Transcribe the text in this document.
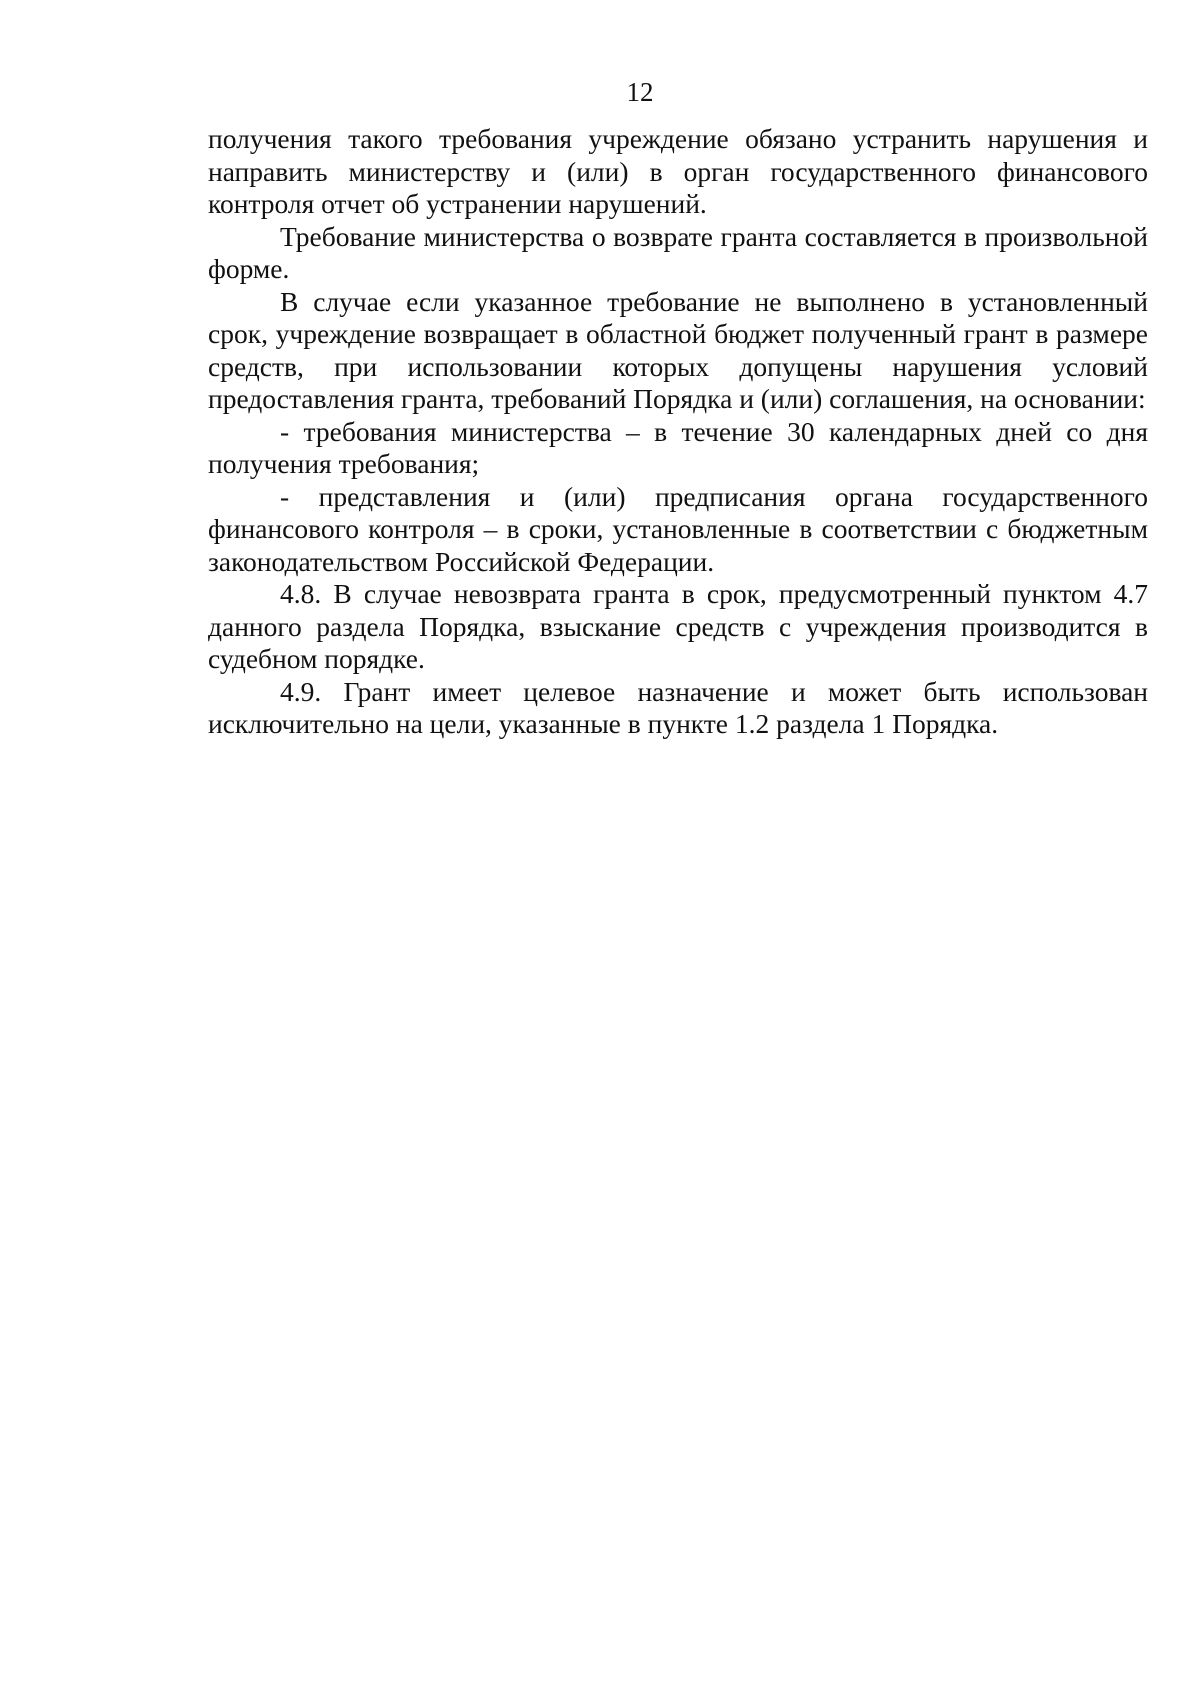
12

получения такого требования учреждение обязано устранить нарушения и направить министерству и (или) в орган государственного финансового контроля отчет об устранении нарушений.

Требование министерства о возврате гранта составляется в произвольной форме.

В случае если указанное требование не выполнено в установленный срок, учреждение возвращает в областной бюджет полученный грант в размере средств, при использовании которых допущены нарушения условий предоставления гранта, требований Порядка и (или) соглашения, на основании:

- требования министерства – в течение 30 календарных дней со дня получения требования;

- представления и (или) предписания органа государственного финансового контроля – в сроки, установленные в соответствии с бюджетным законодательством Российской Федерации.

4.8. В случае невозврата гранта в срок, предусмотренный пунктом 4.7 данного раздела Порядка, взыскание средств с учреждения производится в судебном порядке.

4.9. Грант имеет целевое назначение и может быть использован исключительно на цели, указанные в пункте 1.2 раздела 1 Порядка.
